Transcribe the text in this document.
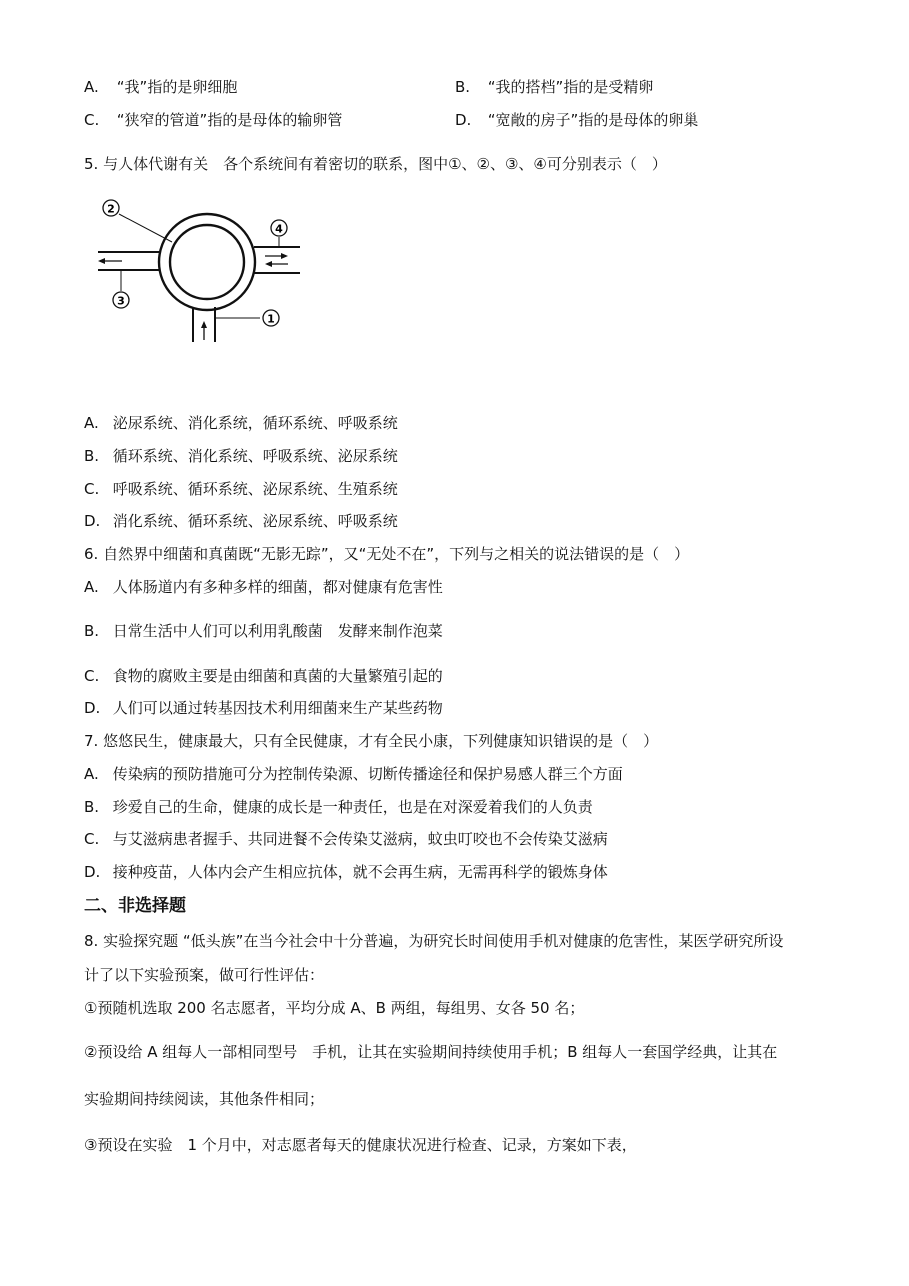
A. “我”指的是卵细胞	B. “我的搭档”指的是受精卵
C. “狭窄的管道”指的是母体的输卵管	D. “宽敞的房子”指的是母体的卵巢
5. 与人体代谢有关　各个系统间有着密切的联系，图中①、②、③、④可分别表示（　）
2
4
3
1
A. 泌尿系统、消化系统，循环系统、呼吸系统
B. 循环系统、消化系统、呼吸系统、泌尿系统
C. 呼吸系统、循环系统、泌尿系统、生殖系统
D. 消化系统、循环系统、泌尿系统、呼吸系统
6. 自然界中细菌和真菌既“无影无踪”，又“无处不在”，下列与之相关的说法错误的是（　）
A. 人体肠道内有多种多样的细菌，都对健康有危害性
B. 日常生活中人们可以利用乳酸菌　发酵来制作泡菜
C. 食物的腐败主要是由细菌和真菌的大量繁殖引起的
D. 人们可以通过转基因技术利用细菌来生产某些药物
7. 悠悠民生，健康最大，只有全民健康，才有全民小康，下列健康知识错误的是（　）
A. 传染病的预防措施可分为控制传染源、切断传播途径和保护易感人群三个方面
B. 珍爱自己的生命，健康的成长是一种责任，也是在对深爱着我们的人负责
C. 与艾滋病患者握手、共同进餐不会传染艾滋病，蚊虫叮咬也不会传染艾滋病
D. 接种疫苗，人体内会产生相应抗体，就不会再生病，无需再科学的锻炼身体
二、非选择题
8. 实验探究题 “低头族”在当今社会中十分普遍，为研究长时间使用手机对健康的危害性，某医学研究所设
计了以下实验预案，做可行性评估：
①预随机选取 200 名志愿者，平均分成 A、B 两组，每组男、女各 50 名；
②预设给 A 组每人一部相同型号　手机，让其在实验期间持续使用手机；B 组每人一套国学经典，让其在
实验期间持续阅读，其他条件相同；
③预设在实验　1 个月中，对志愿者每天的健康状况进行检查、记录，方案如下表，
